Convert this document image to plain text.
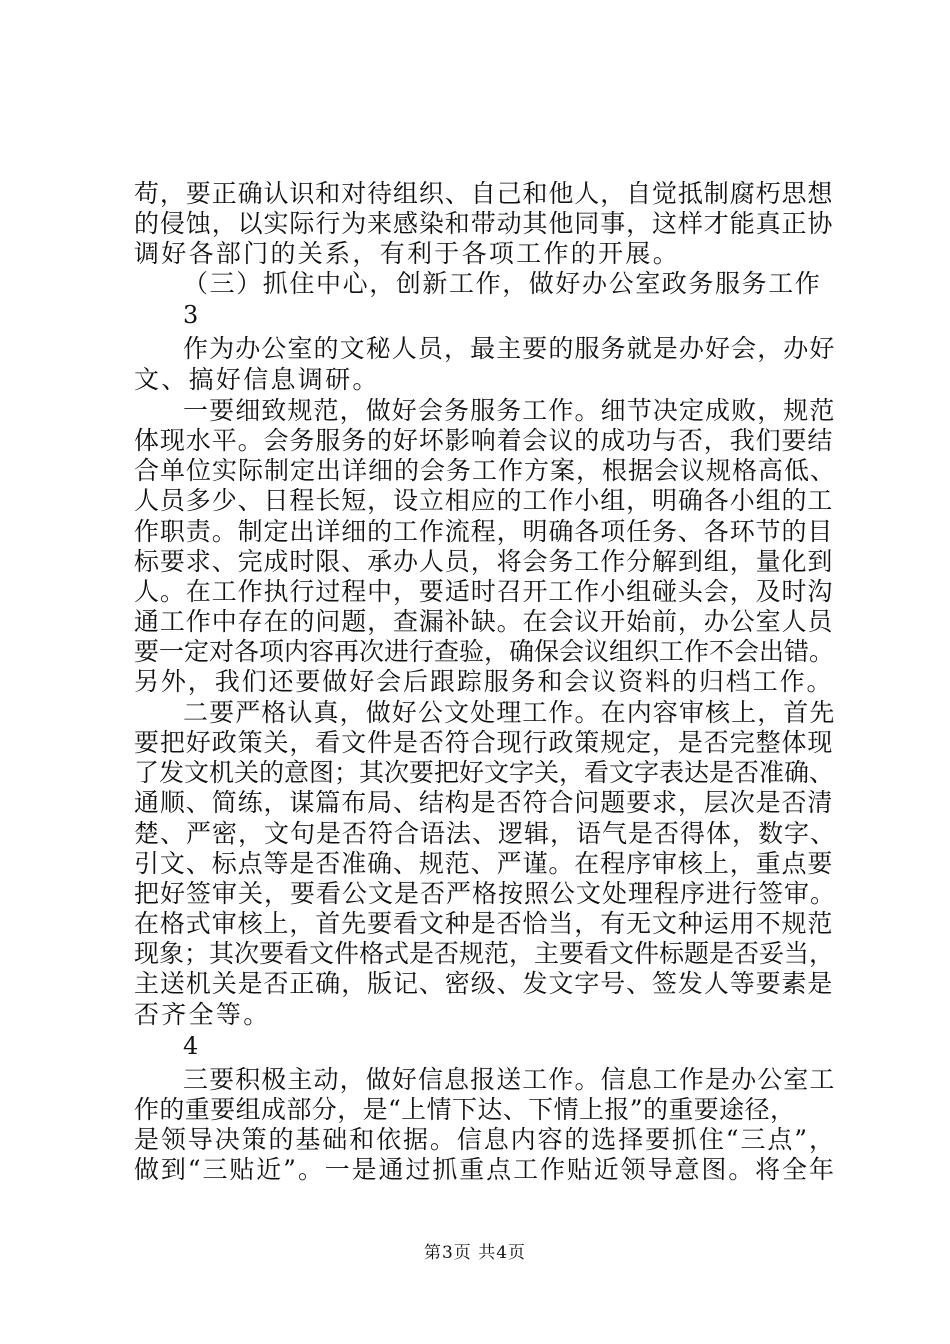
苟，要正确认识和对待组织、自己和他人，自觉抵制腐朽思想
的侵蚀，以实际行为来感染和带动其他同事，这样才能真正协
调好各部门的关系，有利于各项工作的开展。
（三）抓住中心，创新工作，做好办公室政务服务工作
3
作为办公室的文秘人员，最主要的服务就是办好会，办好
文、搞好信息调研。
一要细致规范，做好会务服务工作。细节决定成败，规范
体现水平。会务服务的好坏影响着会议的成功与否，我们要结
合单位实际制定出详细的会务工作方案，根据会议规格高低、
人员多少、日程长短，设立相应的工作小组，明确各小组的工
作职责。制定出详细的工作流程，明确各项任务、各环节的目
标要求、完成时限、承办人员，将会务工作分解到组，量化到
人。在工作执行过程中，要适时召开工作小组碰头会，及时沟
通工作中存在的问题，查漏补缺。在会议开始前，办公室人员
要一定对各项内容再次进行查验，确保会议组织工作不会出错。
另外，我们还要做好会后跟踪服务和会议资料的归档工作。
二要严格认真，做好公文处理工作。在内容审核上，首先
要把好政策关，看文件是否符合现行政策规定，是否完整体现
了发文机关的意图；其次要把好文字关，看文字表达是否准确、
通顺、简练，谋篇布局、结构是否符合问题要求，层次是否清
楚、严密，文句是否符合语法、逻辑，语气是否得体，数字、
引文、标点等是否准确、规范、严谨。在程序审核上，重点要
把好签审关，要看公文是否严格按照公文处理程序进行签审。
在格式审核上，首先要看文种是否恰当，有无文种运用不规范
现象；其次要看文件格式是否规范，主要看文件标题是否妥当，
主送机关是否正确，版记、密级、发文字号、签发人等要素是
否齐全等。
4
三要积极主动，做好信息报送工作。信息工作是办公室工
作的重要组成部分，是“上情下达、下情上报”的重要途径，
是领导决策的基础和依据。信息内容的选择要抓住“三点”，
做到“三贴近”。一是通过抓重点工作贴近领导意图。将全年
第3页 共4页
